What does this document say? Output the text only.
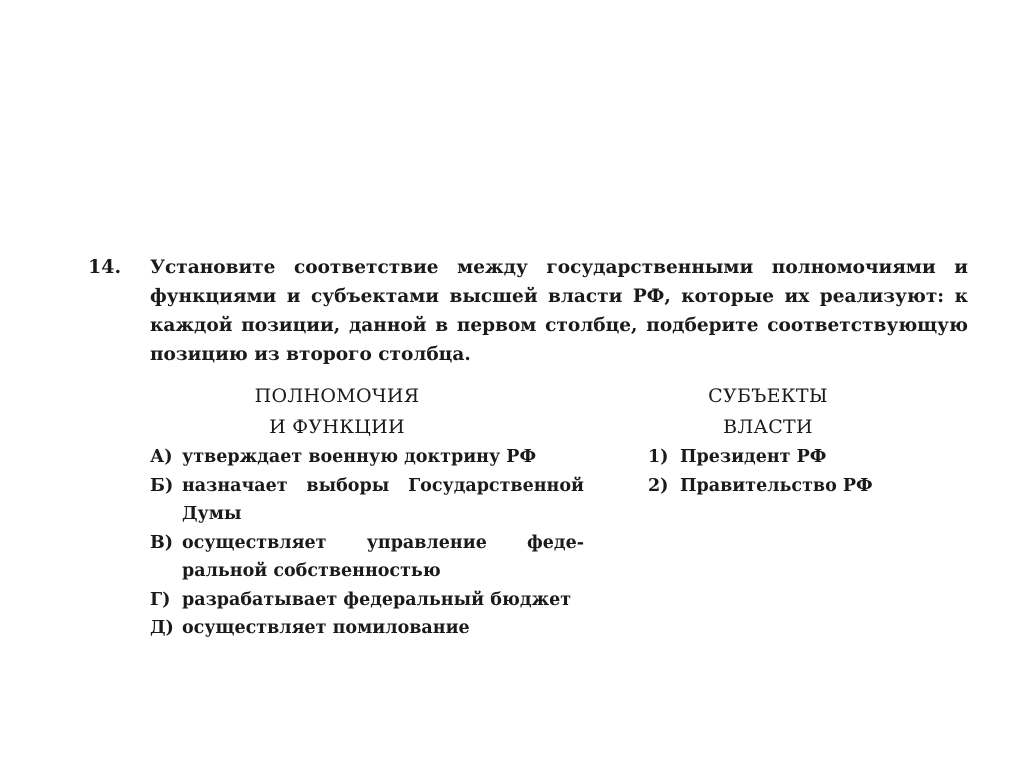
14. Установите соответствие между государственными полномочиями и функциями и субъектами высшей власти РФ, которые их реализуют: к каждой позиции, данной в первом столбце, подберите соответствующую позицию из второго столбца.
ПОЛНОМОЧИЯ
И ФУНКЦИИ
А) утверждает военную доктрину РФ
Б) назначает выборы Государственной
Думы
В) осуществляет управление феде-
ральной собственностью
Г) разрабатывает федеральный бюджет
Д) осуществляет помилование
СУБЪЕКТЫ
ВЛАСТИ
1) Президент РФ
2) Правительство РФ
